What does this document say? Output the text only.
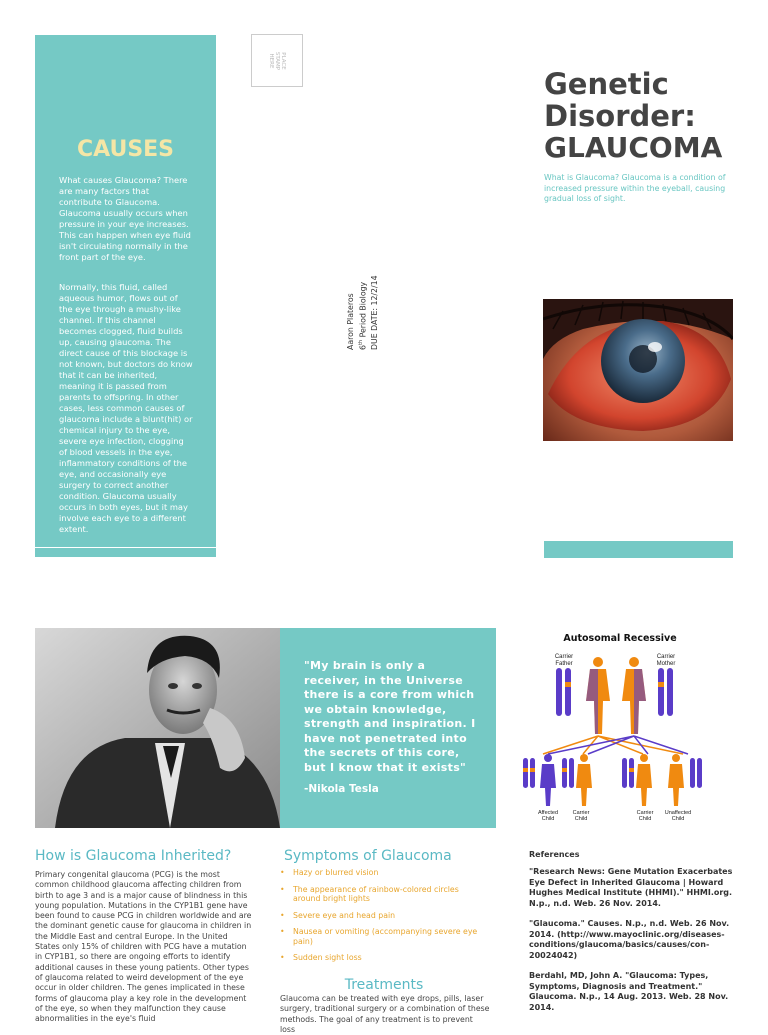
CAUSES
What causes Glaucoma? There are many factors that contribute to Glaucoma. Glaucoma usually occurs when pressure in your eye increases. This can happen when eye fluid isn't circulating normally in the front part of the eye.
Normally, this fluid, called aqueous humor, flows out of the eye through a mushy-like channel. If this channel becomes clogged, fluid builds up, causing glaucoma. The direct cause of this blockage is not known, but doctors do know that it can be inherited, meaning it is passed from parents to offspring. In other cases, less common causes of glaucoma include a blunt(hit) or chemical injury to the eye, severe eye infection, clogging of blood vessels in the eye, inflammatory conditions of the eye, and occasionally eye surgery to correct another condition. Glaucoma usually occurs in both eyes, but it may involve each eye to a different extent.
PLACE
STAMP
HERE
Aaron Plateros 6th Period Biology DUE DATE: 12/2/14
Genetic
Disorder:
GLAUCOMA
What is Glaucoma? Glaucoma is a condition of increased pressure within the eyeball, causing gradual loss of sight.
"My brain is only a receiver, in the Universe there is a core from which we obtain knowledge, strength and inspiration. I have not penetrated into the secrets of this core, but I know that it exists"
-Nikola Tesla
Autosomal Recessive
Carrier
Father
Carrier
Mother
Affected
Child
Carrier
Child
Carrier
Child
Unaffected
Child
How is Glaucoma Inherited?
Primary congenital glaucoma (PCG) is the most common childhood glaucoma affecting children from birth to age 3 and is a major cause of blindness in this young population. Mutations in the CYP1B1 gene have been found to cause PCG in children worldwide and are the dominant genetic cause for glaucoma in children in the Middle East and central Europe. In the United States only 15% of children with PCG have a mutation in CYP1B1, so there are ongoing efforts to identify additional causes in these young patients. Other types of glaucoma related to weird development of the eye occur in older children. The genes implicated in these forms of glaucoma play a key role in the development of the eye, so when they malfunction they cause abnormalities in the eye's fluid
Symptoms of Glaucoma
• Hazy or blurred vision
• The appearance of rainbow-colored circles around bright lights
• Severe eye and head pain
• Nausea or vomiting (accompanying severe eye pain)
• Sudden sight loss
Treatments
Glaucoma can be treated with eye drops, pills, laser surgery, traditional surgery or a combination of these methods. The goal of any treatment is to prevent loss
References

"Research News: Gene Mutation Exacerbates Eye Defect in Inherited Glaucoma | Howard Hughes Medical Institute (HHMI)." HHMI.org. N.p., n.d. Web. 26 Nov. 2014.

"Glaucoma." Causes. N.p., n.d. Web. 26 Nov. 2014. (http://www.mayoclinic.org/diseases-conditions/glaucoma/basics/causes/con-20024042)

Berdahl, MD, John A. "Glaucoma: Types, Symptoms, Diagnosis and Treatment." Glaucoma. N.p., 14 Aug. 2013. Web. 28 Nov. 2014.
